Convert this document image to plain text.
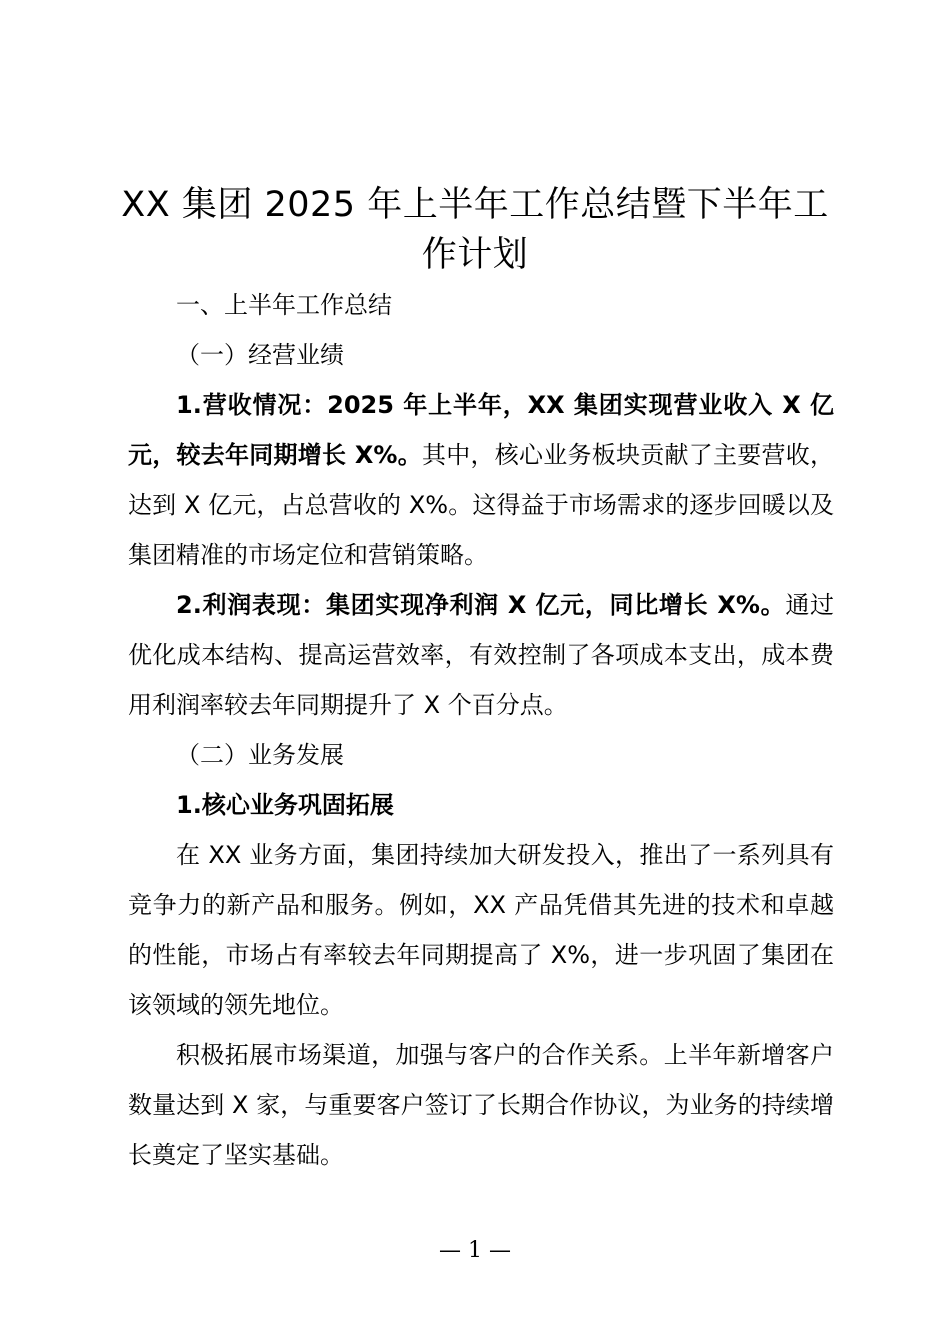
XX 集团 2025 年上半年工作总结暨下半年工
作计划

一、上半年工作总结

（一）经营业绩

1.营收情况：2025 年上半年，XX 集团实现营业收入 X 亿元，较去年同期增长 X%。其中，核心业务板块贡献了主要营收，达到 X 亿元，占总营收的 X%。这得益于市场需求的逐步回暖以及集团精准的市场定位和营销策略。

2.利润表现：集团实现净利润 X 亿元，同比增长 X%。通过优化成本结构、提高运营效率，有效控制了各项成本支出，成本费用利润率较去年同期提升了 X 个百分点。

（二）业务发展

1.核心业务巩固拓展

在 XX 业务方面，集团持续加大研发投入，推出了一系列具有竞争力的新产品和服务。例如，XX 产品凭借其先进的技术和卓越的性能，市场占有率较去年同期提高了 X%，进一步巩固了集团在该领域的领先地位。

积极拓展市场渠道，加强与客户的合作关系。上半年新增客户数量达到 X 家，与重要客户签订了长期合作协议，为业务的持续增长奠定了坚实基础。

— 1 —
